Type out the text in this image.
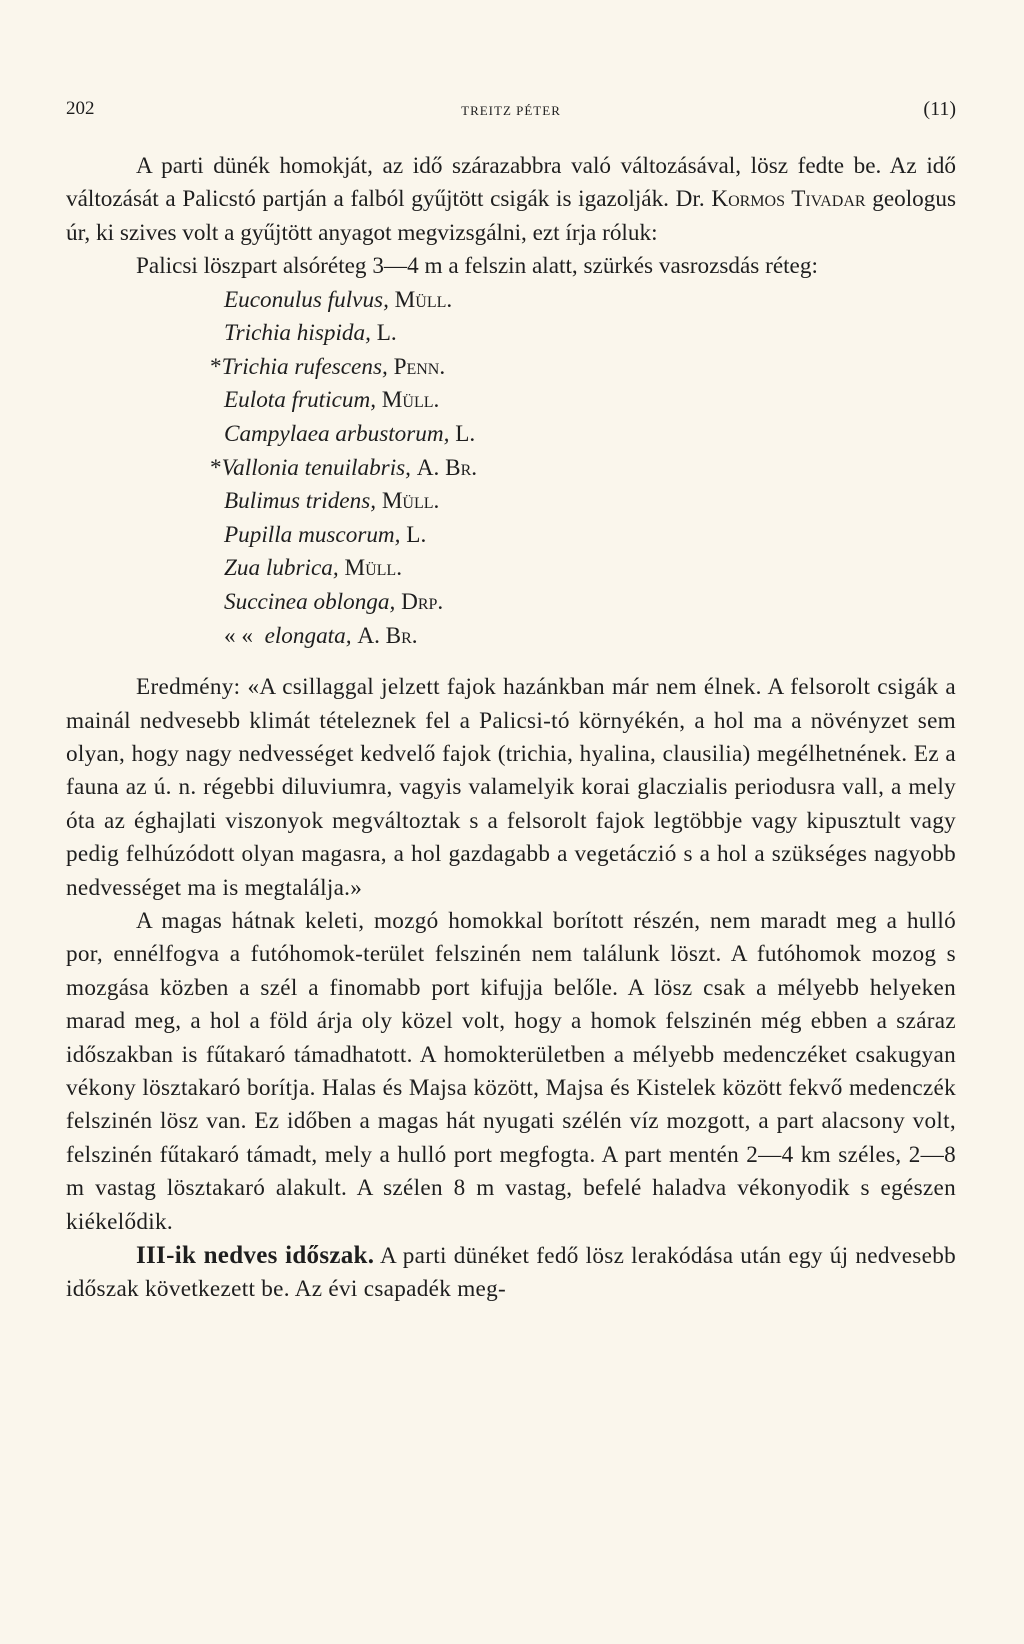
202	TREITZ PÉTER	(11)

A parti dünék homokját, az idő szárazabbra való változásával, lösz fedte be. Az idő változását a Palicstó partján a falból gyűjtött csigák is igazolják. Dr. Kormos Tivadar geologus úr, ki szives volt a gyűjtött anyagot megvizsgálni, ezt írja róluk:

Palicsi löszpart alsóréteg 3—4 m a felszin alatt, szürkés vasrozsdás réteg:

Euconulus fulvus, Müll.
Trichia hispida, L.
*Trichia rufescens, Penn.
Eulota fruticum, Müll.
Campylaea arbustorum, L.
*Vallonia tenuilabris, A. Br.
Bulimus tridens, Müll.
Pupilla muscorum, L.
Zua lubrica, Müll.
Succinea oblonga, Drp.
« « elongata, A. Br.

Eredmény: «A csillaggal jelzett fajok hazánkban már nem élnek. A felsorolt csigák a mainál nedvesebb klimát tételeznek fel a Palicsi-tó környékén, a hol ma a növényzet sem olyan, hogy nagy nedvességet kedvelő fajok (trichia, hyalina, clausilia) megélhetnének. Ez a fauna az ú. n. régebbi diluviumra, vagyis valamelyik korai glaczialis periodusra vall, a mely óta az éghajlati viszonyok megváltoztak s a felsorolt fajok legtöbbje vagy kipusztult vagy pedig felhúzódott olyan magasra, a hol gazdagabb a vegetáczió s a hol a szükséges nagyobb nedvességet ma is megtalálja.»

A magas hátnak keleti, mozgó homokkal borított részén, nem maradt meg a hulló por, ennélfogva a futóhomok-terület felszinén nem találunk löszt. A futóhomok mozog s mozgása közben a szél a finomabb port kifujja belőle. A lösz csak a mélyebb helyeken marad meg, a hol a föld árja oly közel volt, hogy a homok felszinén még ebben a száraz időszakban is fűtakaró támadhatott. A homokterületben a mélyebb medenczéket csakugyan vékony lösztakaró borítja. Halas és Majsa között, Majsa és Kistelek között fekvő medenczék felszinén lösz van. Ez időben a magas hát nyugati szélén víz mozgott, a part alacsony volt, felszinén fűtakaró támadt, mely a hulló port megfogta. A part mentén 2—4 km széles, 2—8 m vastag lösztakaró alakult. A szélen 8 m vastag, befelé haladva vékonyodik s egészen kiékelődik.

III-ik nedves időszak. A parti dünéket fedő lösz lerakódása után egy új nedvesebb időszak következett be. Az évi csapadék meg-
